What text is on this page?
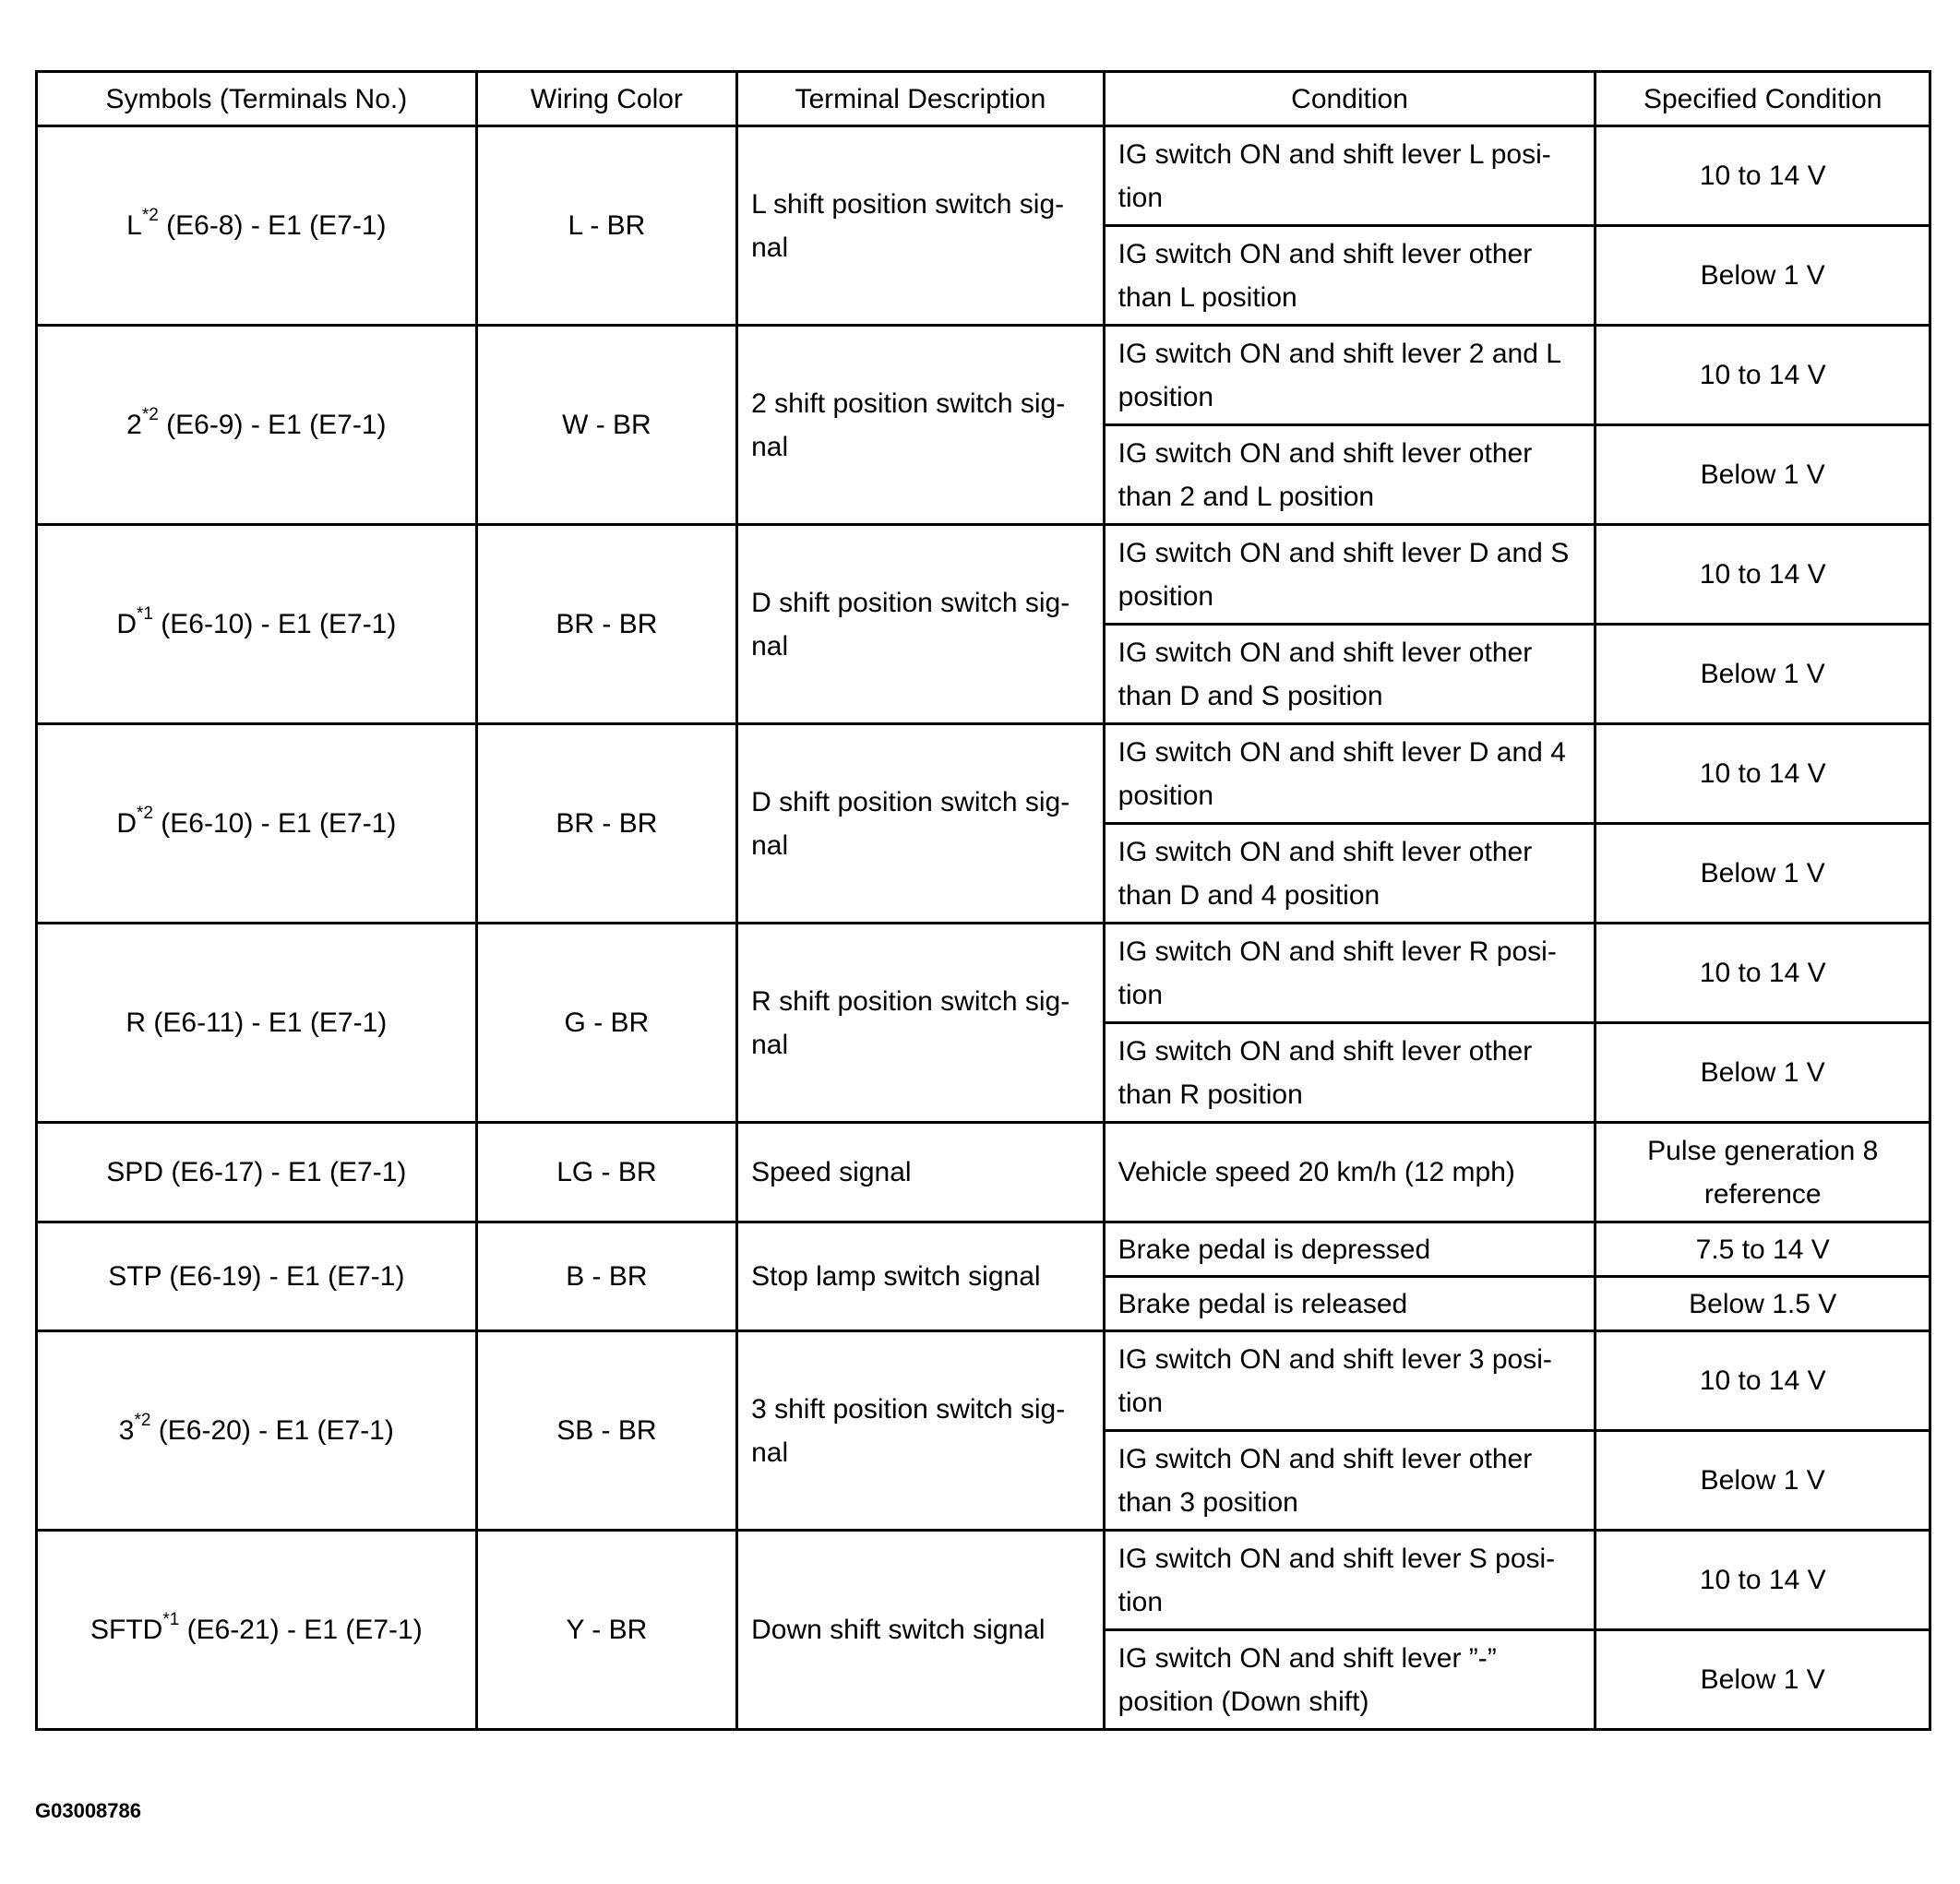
Symbols (Terminals No.)	Wiring Color	Terminal Description	Condition	Specified Condition
$L^{*2}$ (E6-8) - E1 (E7-1)	L - BR	L shift position switch sig- nal	IG switch ON and shift lever L posi- tion	10 to 14 V
			IG switch ON and shift lever other than L position	Below 1 V
2$^{*2}$ (E6-9) - E1 (E7-1)	W - BR	2 shift position switch sig- nal	IG switch ON and shift lever 2 and L position	10 to 14 V
			IG switch ON and shift lever other than 2 and L position	Below 1 V
$D^{*1}$ (E6-10) - E1 (E7-1)	BR - BR	D shift position switch sig- nal	IG switch ON and shift lever D and S position	10 to 14 V
			IG switch ON and shift lever other than D and S position	Below 1 V
$D^{*2}$ (E6-10) - E1 (E7-1)	BR - BR	D shift position switch sig- nal	IG switch ON and shift lever D and 4 position	10 to 14 V
			IG switch ON and shift lever other than D and 4 position	Below 1 V
R (E6-11) - E1 (E7-1)	G - BR	R shift position switch sig- nal	IG switch ON and shift lever R posi- tion	10 to 14 V
			IG switch ON and shift lever other than R position	Below 1 V
SPD (E6-17) - E1 (E7-1)	LG - BR	Speed signal	Vehicle speed 20 km/h (12 mph)	Pulse generation 8 reference
STP (E6-19) - E1 (E7-1)	B - BR	Stop lamp switch signal	Brake pedal is depressed	7.5 to 14 V
			Brake pedal is released	Below 1.5 V
3$^{*2}$ (E6-20) - E1 (E7-1)	SB - BR	3 shift position switch sig- nal	IG switch ON and shift lever 3 posi- tion	10 to 14 V
			IG switch ON and shift lever other than 3 position	Below 1 V
SFTD$^{*1}$ (E6-21) - E1 (E7-1)	Y - BR	Down shift switch signal	IG switch ON and shift lever S posi- tion	10 to 14 V
			IG switch ON and shift lever ”-” position (Down shift)	Below 1 V
G03008786
